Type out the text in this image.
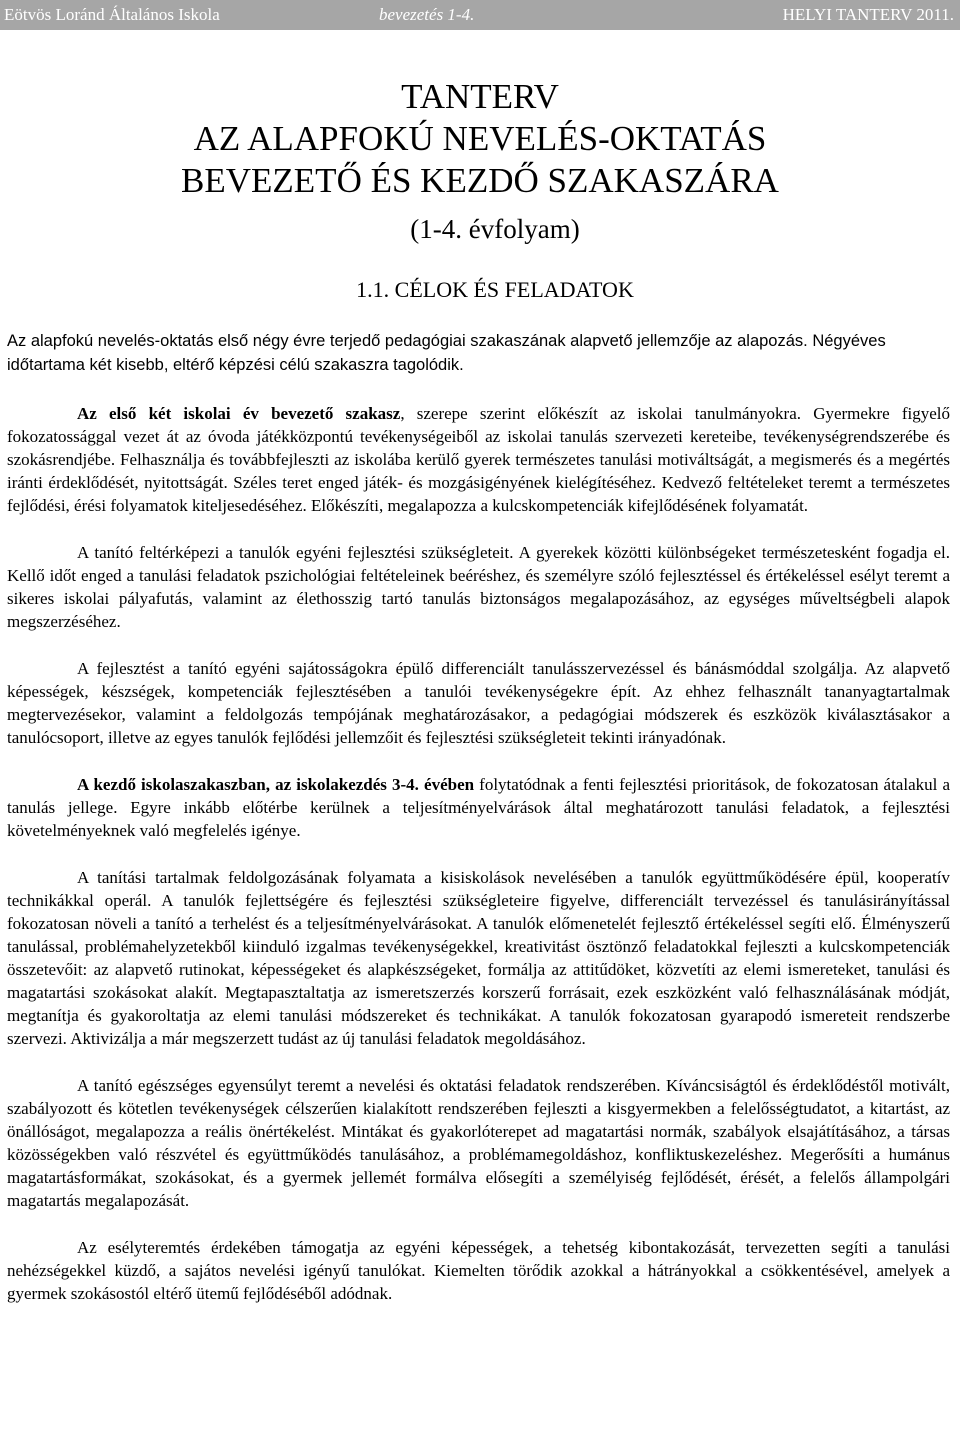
Eötvös Loránd Általános Iskola	bevezetés 1-4.	HELYI TANTERV 2011.
TANTERV
AZ ALAPFOKÚ NEVELÉS-OKTATÁS
BEVEZETŐ ÉS KEZDŐ SZAKASZÁRA
(1-4. évfolyam)
1.1. CÉLOK ÉS FELADATOK

Az alapfokú nevelés-oktatás első négy évre terjedő pedagógiai szakaszának alapvető jellemzője az alapozás. Négyéves időtartama két kisebb, eltérő képzési célú szakaszra tagolódik.

Az első két iskolai év bevezető szakasz, szerepe szerint előkészít az iskolai tanulmányokra. Gyermekre figyelő fokozatossággal vezet át az óvoda játékközpontú tevékenységeiből az iskolai tanulás szervezeti kereteibe, tevékenységrendszerébe és szokásrendjébe. Felhasználja és továbbfejleszti az iskolába kerülő gyerek természetes tanulási motiváltságát, a megismerés és a megértés iránti érdeklődését, nyitottságát. Széles teret enged játék- és mozgásigényének kielégítéséhez. Kedvező feltételeket teremt a természetes fejlődési, érési folyamatok kiteljesedéséhez. Előkészíti, megalapozza a kulcskompetenciák kifejlődésének folyamatát.

A tanító feltérképezi a tanulók egyéni fejlesztési szükségleteit. A gyerekek közötti különbségeket természetesként fogadja el. Kellő időt enged a tanulási feladatok pszichológiai feltételeinek beéréshez, és személyre szóló fejlesztéssel és értékeléssel esélyt teremt a sikeres iskolai pályafutás, valamint az élethosszig tartó tanulás biztonságos megalapozásához, az egységes műveltségbeli alapok megszerzéséhez.

A fejlesztést a tanító egyéni sajátosságokra épülő differenciált tanulásszervezéssel és bánásmóddal szolgálja. Az alapvető képességek, készségek, kompetenciák fejlesztésében a tanulói tevékenységekre épít. Az ehhez felhasznált tananyagtartalmak megtervezésekor, valamint a feldolgozás tempójának meghatározásakor, a pedagógiai módszerek és eszközök kiválasztásakor a tanulócsoport, illetve az egyes tanulók fejlődési jellemzőit és fejlesztési szükségleteit tekinti irányadónak.

A kezdő iskolaszakaszban, az iskolakezdés 3-4. évében folytatódnak a fenti fejlesztési prioritások, de fokozatosan átalakul a tanulás jellege. Egyre inkább előtérbe kerülnek a teljesítményelvárások által meghatározott tanulási feladatok, a fejlesztési követelményeknek való megfelelés igénye.

A tanítási tartalmak feldolgozásának folyamata a kisiskolások nevelésében a tanulók együttműködésére épül, kooperatív technikákkal operál. A tanulók fejlettségére és fejlesztési szükségleteire figyelve, differenciált tervezéssel és tanulásirányítással fokozatosan növeli a tanító a terhelést és a teljesítményelvárásokat. A tanulók előmenetelét fejlesztő értékeléssel segíti elő. Élményszerű tanulással, problémahelyzetekből kiinduló izgalmas tevékenységekkel, kreativitást ösztönző feladatokkal fejleszti a kulcskompetenciák összetevőit: az alapvető rutinokat, képességeket és alapkészségeket, formálja az attitűdöket, közvetíti az elemi ismereteket, tanulási és magatartási szokásokat alakít. Megtapasztaltatja az ismeretszerzés korszerű forrásait, ezek eszközként való felhasználásának módját, megtanítja és gyakoroltatja az elemi tanulási módszereket és technikákat. A tanulók fokozatosan gyarapodó ismereteit rendszerbe szervezi. Aktivizálja a már megszerzett tudást az új tanulási feladatok megoldásához.

A tanító egészséges egyensúlyt teremt a nevelési és oktatási feladatok rendszerében. Kíváncsiságtól és érdeklődéstől motivált, szabályozott és kötetlen tevékenységek célszerűen kialakított rendszerében fejleszti a kisgyermekben a felelősségtudatot, a kitartást, az önállóságot, megalapozza a reális önértékelést. Mintákat és gyakorlóterepet ad magatartási normák, szabályok elsajátításához, a társas közösségekben való részvétel és együttműködés tanulásához, a problémamegoldáshoz, konfliktuskezeléshez. Megerősíti a humánus magatartásformákat, szokásokat, és a gyermek jellemét formálva elősegíti a személyiség fejlődését, érését, a felelős állampolgári magatartás megalapozását.

Az esélyteremtés érdekében támogatja az egyéni képességek, a tehetség kibontakozását, tervezetten segíti a tanulási nehézségekkel küzdő, a sajátos nevelési igényű tanulókat. Kiemelten törődik azokkal a hátrányokkal a csökkentésével, amelyek a gyermek szokásostól eltérő ütemű fejlődéséből adódnak.
